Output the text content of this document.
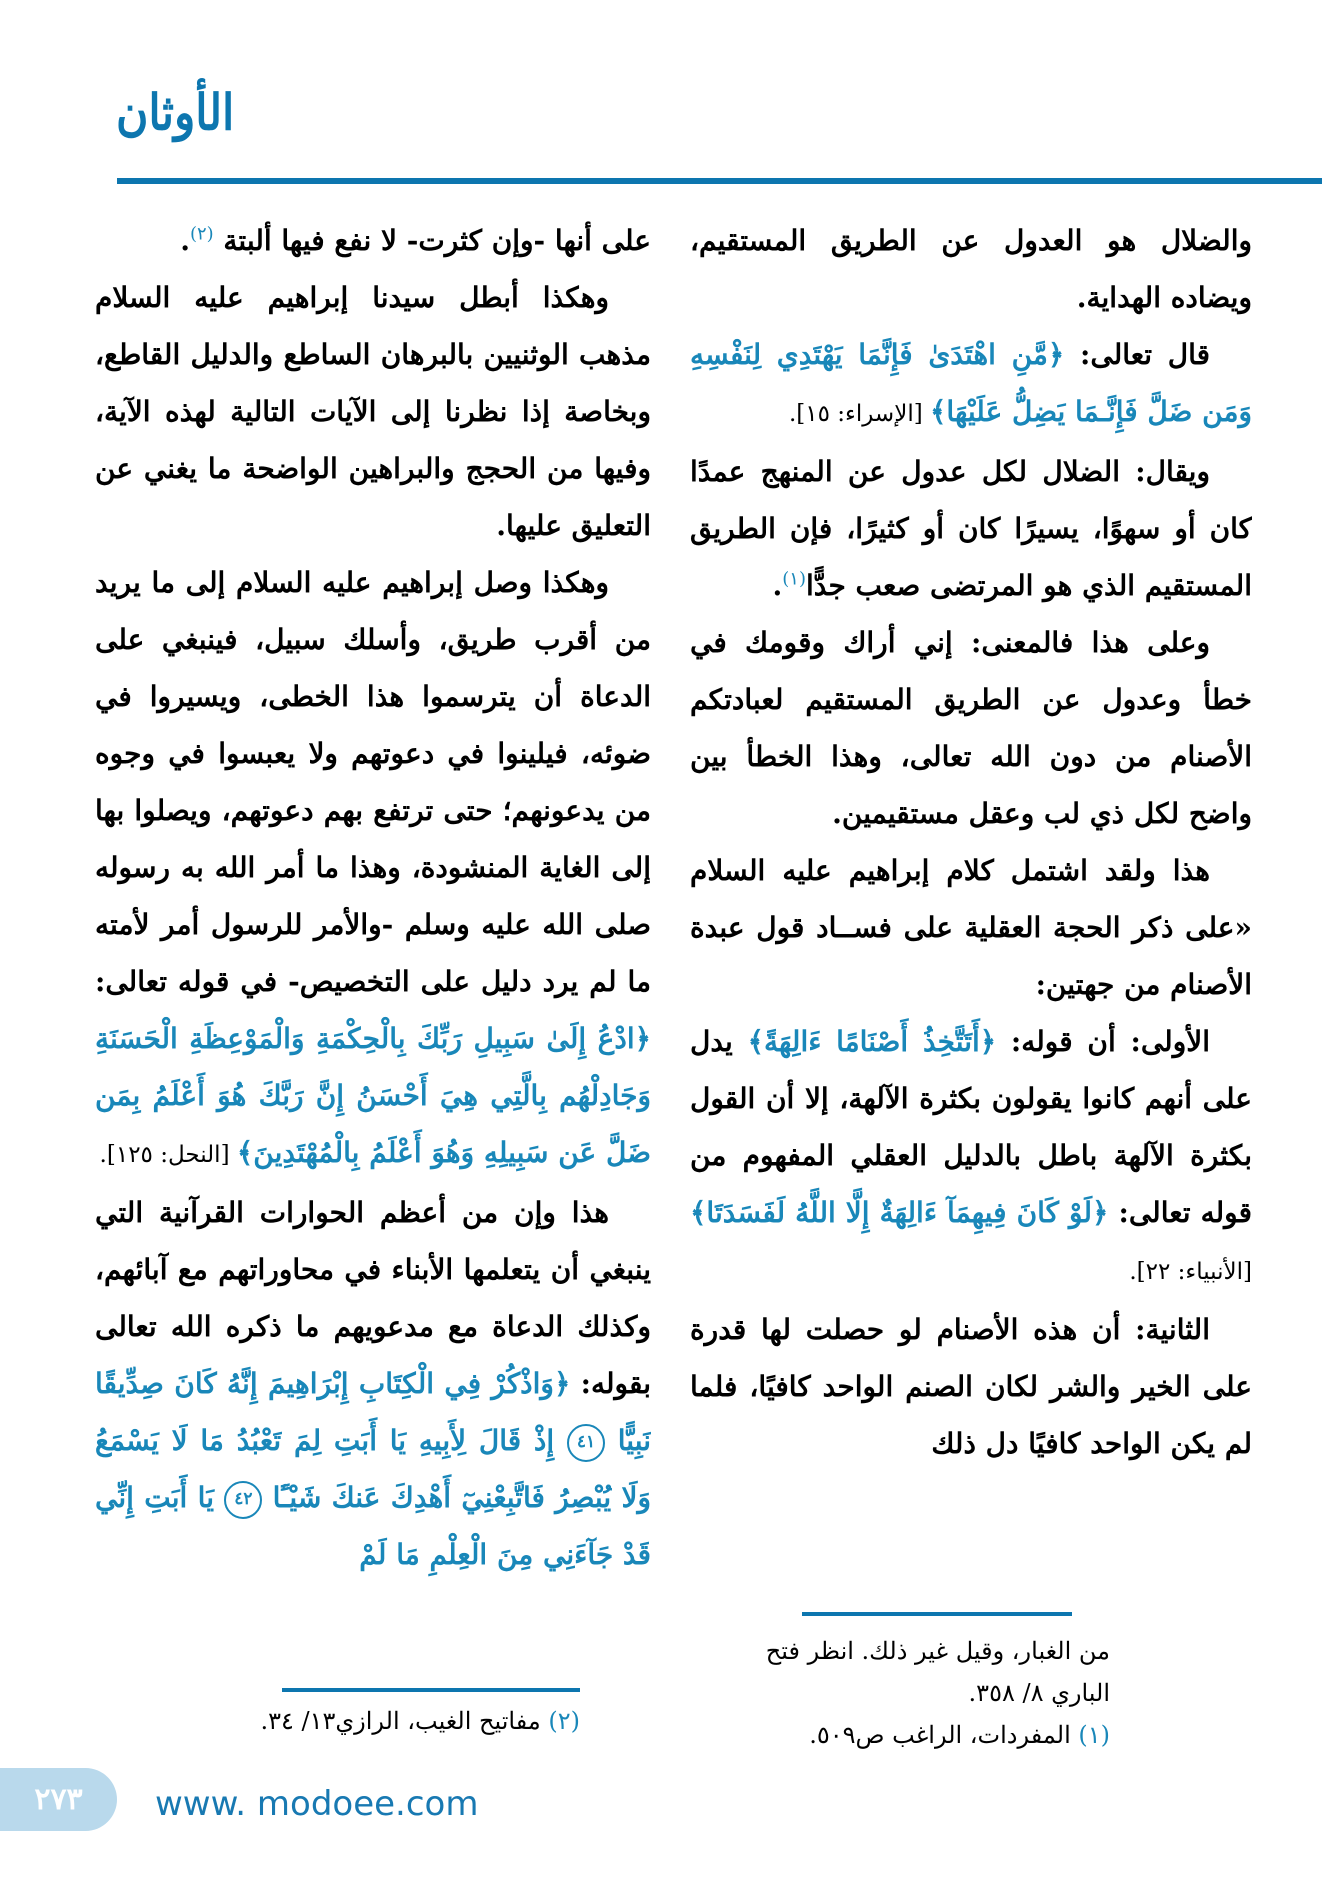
الأوثان

والضلال هو العدول عن الطريق المستقيم، ويضاده الهداية.

قال تعالى: ﴿مَّنِ اهْتَدَىٰ فَإِنَّمَا يَهْتَدِي لِنَفْسِهِ وَمَن ضَلَّ فَإِنَّـمَا يَضِلُّ عَلَيْهَا﴾ [الإسراء: ١٥].

ويقال: الضلال لكل عدول عن المنهج عمدًا كان أو سهوًا، يسيرًا كان أو كثيرًا، فإن الطريق المستقيم الذي هو المرتضى صعب جدًّا$^{(١)}$.

وعلى هذا فالمعنى: إني أراك وقومك في خطأ وعدول عن الطريق المستقيم لعبادتكم الأصنام من دون الله تعالى، وهذا الخطأ بين واضح لكل ذي لب وعقل مستقيمين.

هذا ولقد اشتمل كلام إبراهيم عليه السلام «على ذكر الحجة العقلية على فســاد قول عبدة الأصنام من جهتين:

الأولى: أن قوله: ﴿أَتَتَّخِذُ أَصْنَامًا ءَالِهَةً﴾ يدل على أنهم كانوا يقولون بكثرة الآلهة، إلا أن القول بكثرة الآلهة باطل بالدليل العقلي المفهوم من قوله تعالى: ﴿لَوْ كَانَ فِيهِمَآ ءَالِهَةٌ إِلَّا اللَّهُ لَفَسَدَتَا﴾ [الأنبياء: ٢٢].

الثانية: أن هذه الأصنام لو حصلت لها قدرة على الخير والشر لكان الصنم الواحد كافيًا، فلما لم يكن الواحد كافيًا دل ذلك

على أنها -وإن كثرت- لا نفع فيها ألبتة $^{(٢)}$.

وهكذا أبطل سيدنا إبراهيم عليه السلام مذهب الوثنيين بالبرهان الساطع والدليل القاطع، وبخاصة إذا نظرنا إلى الآيات التالية لهذه الآية، وفيها من الحجج والبراهين الواضحة ما يغني عن التعليق عليها.

وهكذا وصل إبراهيم عليه السلام إلى ما يريد من أقرب طريق، وأسلك سبيل، فينبغي على الدعاة أن يترسموا هذا الخطى، ويسيروا في ضوئه، فيلينوا في دعوتهم ولا يعبسوا في وجوه من يدعونهم؛ حتى ترتفع بهم دعوتهم، ويصلوا بها إلى الغاية المنشودة، وهذا ما أمر الله به رسوله صلى الله عليه وسلم -والأمر للرسول أمر لأمته ما لم يرد دليل على التخصيص- في قوله تعالى: ﴿ادْعُ إِلَىٰ سَبِيلِ رَبِّكَ بِالْحِكْمَةِ وَالْمَوْعِظَةِ الْحَسَنَةِ وَجَادِلْهُم بِالَّتِي هِيَ أَحْسَنُ إِنَّ رَبَّكَ هُوَ أَعْلَمُ بِمَن ضَلَّ عَن سَبِيلِهِ وَهُوَ أَعْلَمُ بِالْمُهْتَدِينَ﴾ [النحل: ١٢٥].

هذا وإن من أعظم الحوارات القرآنية التي ينبغي أن يتعلمها الأبناء في محاوراتهم مع آبائهم، وكذلك الدعاة مع مدعويهم ما ذكره الله تعالى بقوله: ﴿وَاذْكُرْ فِي الْكِتَابِ إِبْرَاهِيمَ إِنَّهُ كَانَ صِدِّيقًا نَبِيًّا ٤١ إِذْ قَالَ لِأَبِيهِ يَا أَبَتِ لِمَ تَعْبُدُ مَا لَا يَسْمَعُ وَلَا يُبْصِرُ فَاتَّبِعْنِيٓ أَهْدِكَ عَنكَ شَيْـًٔا ٤٢ يَا أَبَتِ إِنِّي قَدْ جَآءَنِي مِنَ الْعِلْمِ مَا لَمْ

من الغبار، وقيل غير ذلك. انظر فتح الباري ٨/ ٣٥٨.

(١) المفردات، الراغب ص٥٠٩.

(٢) مفاتيح الغيب، الرازي١٣/ ٣٤.

٢٧٣ www. modoee.com
